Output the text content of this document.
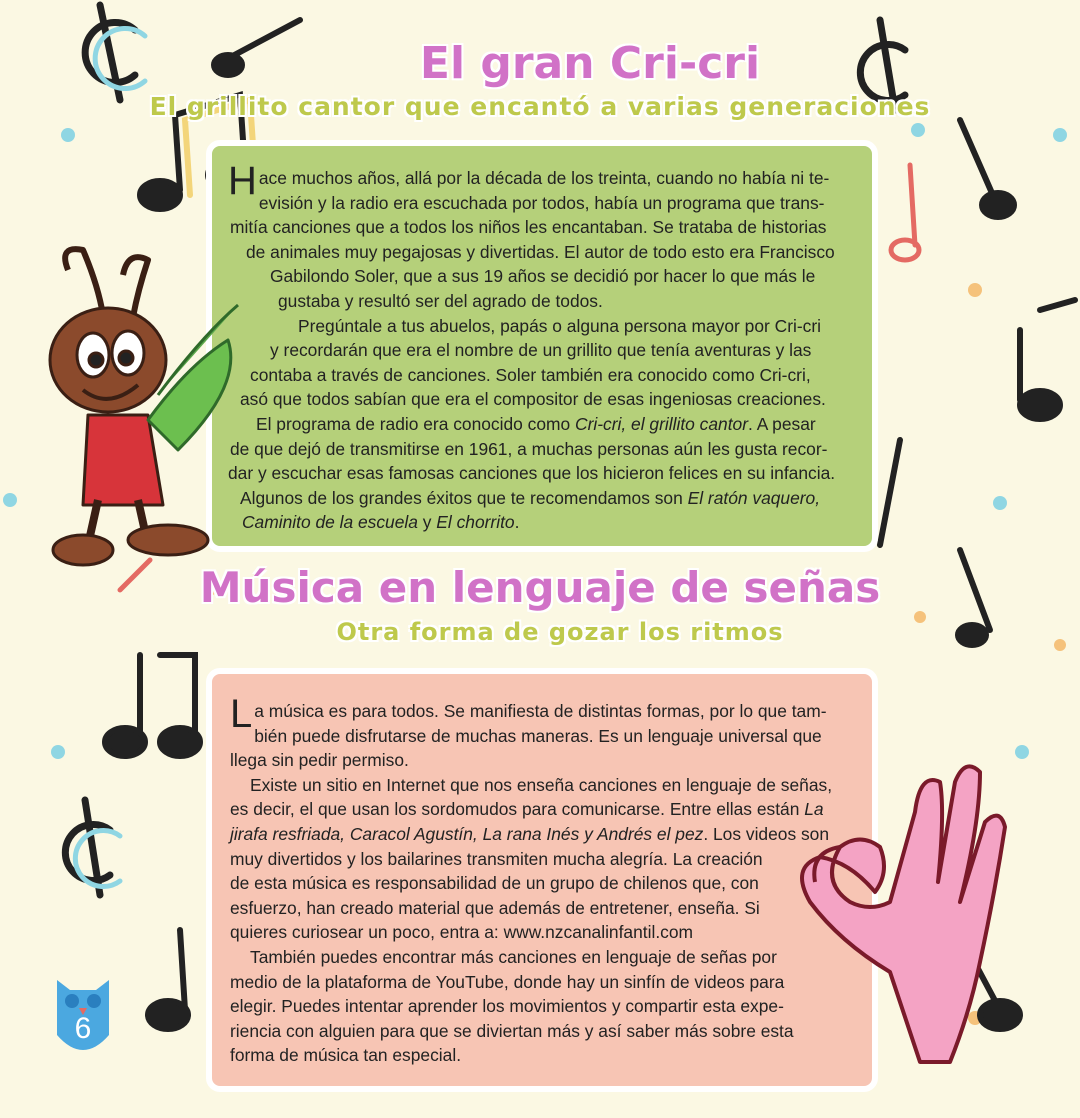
El gran Cri-cri
El grillito cantor que encantó a varias generaciones
Hace muchos años, allá por la década de los treinta, cuando no había ni te-
evisión y la radio era escuchada por todos, había un programa que trans-
mitía canciones que a todos los niños les encantaban. Se trataba de historias
de animales muy pegajosas y divertidas. El autor de todo esto era Francisco
Gabilondo Soler, que a sus 19 años se decidió por hacer lo que más le
gustaba y resultó ser del agrado de todos.
Pregúntale a tus abuelos, papás o alguna persona mayor por Cri-cri
y recordarán que era el nombre de un grillito que tenía aventuras y las
contaba a través de canciones. Soler también era conocido como Cri-cri,
asó que todos sabían que era el compositor de esas ingeniosas creaciones.
El programa de radio era conocido como Cri-cri, el grillito cantor. A pesar
de que dejó de transmitirse en 1961, a muchas personas aún les gusta recor-
dar y escuchar esas famosas canciones que los hicieron felices en su infancia.
Algunos de los grandes éxitos que te recomendamos son El ratón vaquero,
Caminito de la escuela y El chorrito.
Música en lenguaje de señas
Otra forma de gozar los ritmos
La música es para todos. Se manifiesta de distintas formas, por lo que tam-
bién puede disfrutarse de muchas maneras. Es un lenguaje universal que
llega sin pedir permiso.
Existe un sitio en Internet que nos enseña canciones en lenguaje de señas,
es decir, el que usan los sordomudos para comunicarse. Entre ellas están La
jirafa resfriada, Caracol Agustín, La rana Inés y Andrés el pez. Los videos son
muy divertidos y los bailarines transmiten mucha alegría. La creación
de esta música es responsabilidad de un grupo de chilenos que, con
esfuerzo, han creado material que además de entretener, enseña. Si
quieres curiosear un poco, entra a: www.nzcanalinfantil.com
También puedes encontrar más canciones en lenguaje de señas por
medio de la plataforma de YouTube, donde hay un sinfín de videos para
elegir. Puedes intentar aprender los movimientos y compartir esta expe-
riencia con alguien para que se diviertan más y así saber más sobre esta
forma de música tan especial.
6
